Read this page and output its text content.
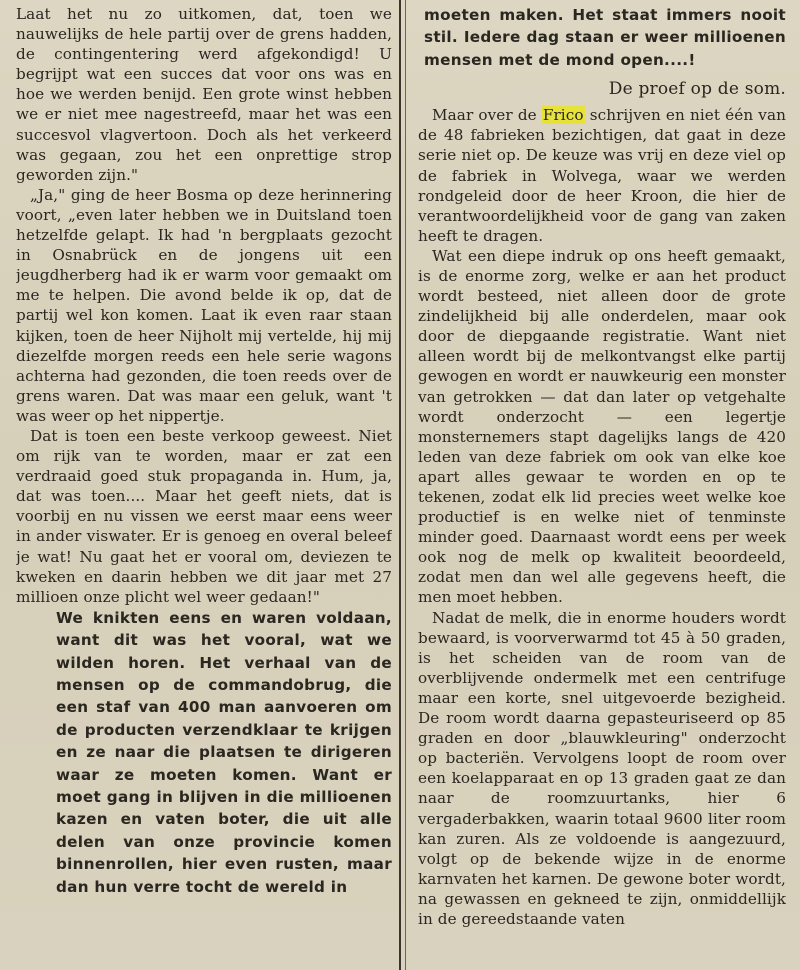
Laat het nu zo uitkomen, dat, toen we nauwelijks de hele partij over de grens hadden, de contingentering werd afgekondigd! U begrijpt wat een succes dat voor ons was en hoe we werden benijd. Een grote winst hebben we er niet mee nagestreefd, maar het was een succesvol vlagvertoon. Doch als het verkeerd was gegaan, zou het een onprettige strop geworden zijn."

„Ja," ging de heer Bosma op deze herinnering voort, „even later hebben we in Duitsland toen hetzelfde gelapt. Ik had 'n bergplaats gezocht in Osnabrück en de jongens uit een jeugdherberg had ik er warm voor gemaakt om me te helpen. Die avond belde ik op, dat de partij wel kon komen. Laat ik even raar staan kijken, toen de heer Nijholt mij vertelde, hij mij diezelfde morgen reeds een hele serie wagons achterna had gezonden, die toen reeds over de grens waren. Dat was maar een geluk, want 't was weer op het nippertje.

Dat is toen een beste verkoop geweest. Niet om rijk van te worden, maar er zat een verdraaid goed stuk propaganda in. Hum, ja, dat was toen.... Maar het geeft niets, dat is voorbij en nu vissen we eerst maar eens weer in ander viswater. Er is genoeg en overal beleef je wat! Nu gaat het er vooral om, deviezen te kweken en daarin hebben we dit jaar met 27 millioen onze plicht wel weer gedaan!"

We knikten eens en waren voldaan, want dit was het vooral, wat we wilden horen. Het verhaal van de mensen op de commandobrug, die een staf van 400 man aanvoeren om de producten verzendklaar te krijgen en ze naar die plaatsen te dirigeren waar ze moeten komen. Want er moet gang in blijven in die millioenen kazen en vaten boter, die uit alle delen van onze provincie komen binnenrollen, hier even rusten, maar dan hun verre tocht de wereld in

moeten maken. Het staat immers nooit stil. Iedere dag staan er weer millioenen mensen met de mond open....!

De proef op de som.

Maar over de Frico schrijven en niet één van de 48 fabrieken bezichtigen, dat gaat in deze serie niet op. De keuze was vrij en deze viel op de fabriek in Wolvega, waar we werden rondgeleid door de heer Kroon, die hier de verantwoordelijkheid voor de gang van zaken heeft te dragen.

Wat een diepe indruk op ons heeft gemaakt, is de enorme zorg, welke er aan het product wordt besteed, niet alleen door de grote zindelijkheid bij alle onderdelen, maar ook door de diepgaande registratie. Want niet alleen wordt bij de melkontvangst elke partij gewogen en wordt er nauwkeurig een monster van getrokken — dat dan later op vetgehalte wordt onderzocht — een legertje monsternemers stapt dagelijks langs de 420 leden van deze fabriek om ook van elke koe apart alles gewaar te worden en op te tekenen, zodat elk lid precies weet welke koe productief is en welke niet of tenminste minder goed. Daarnaast wordt eens per week ook nog de melk op kwaliteit beoordeeld, zodat men dan wel alle gegevens heeft, die men moet hebben.

Nadat de melk, die in enorme houders wordt bewaard, is voorverwarmd tot 45 à 50 graden, is het scheiden van de room van de overblijvende ondermelk met een centrifuge maar een korte, snel uitgevoerde bezigheid. De room wordt daarna gepasteuriseerd op 85 graden en door „blauwkleuring" onderzocht op bacteriën. Vervolgens loopt de room over een koelapparaat en op 13 graden gaat ze dan naar de roomzuurtanks, hier 6 vergaderbakken, waarin totaal 9600 liter room kan zuren. Als ze voldoende is aangezuurd, volgt op de bekende wijze in de enorme karnvaten het karnen. De gewone boter wordt, na gewassen en gekneed te zijn, onmiddellijk in de gereedstaande vaten
